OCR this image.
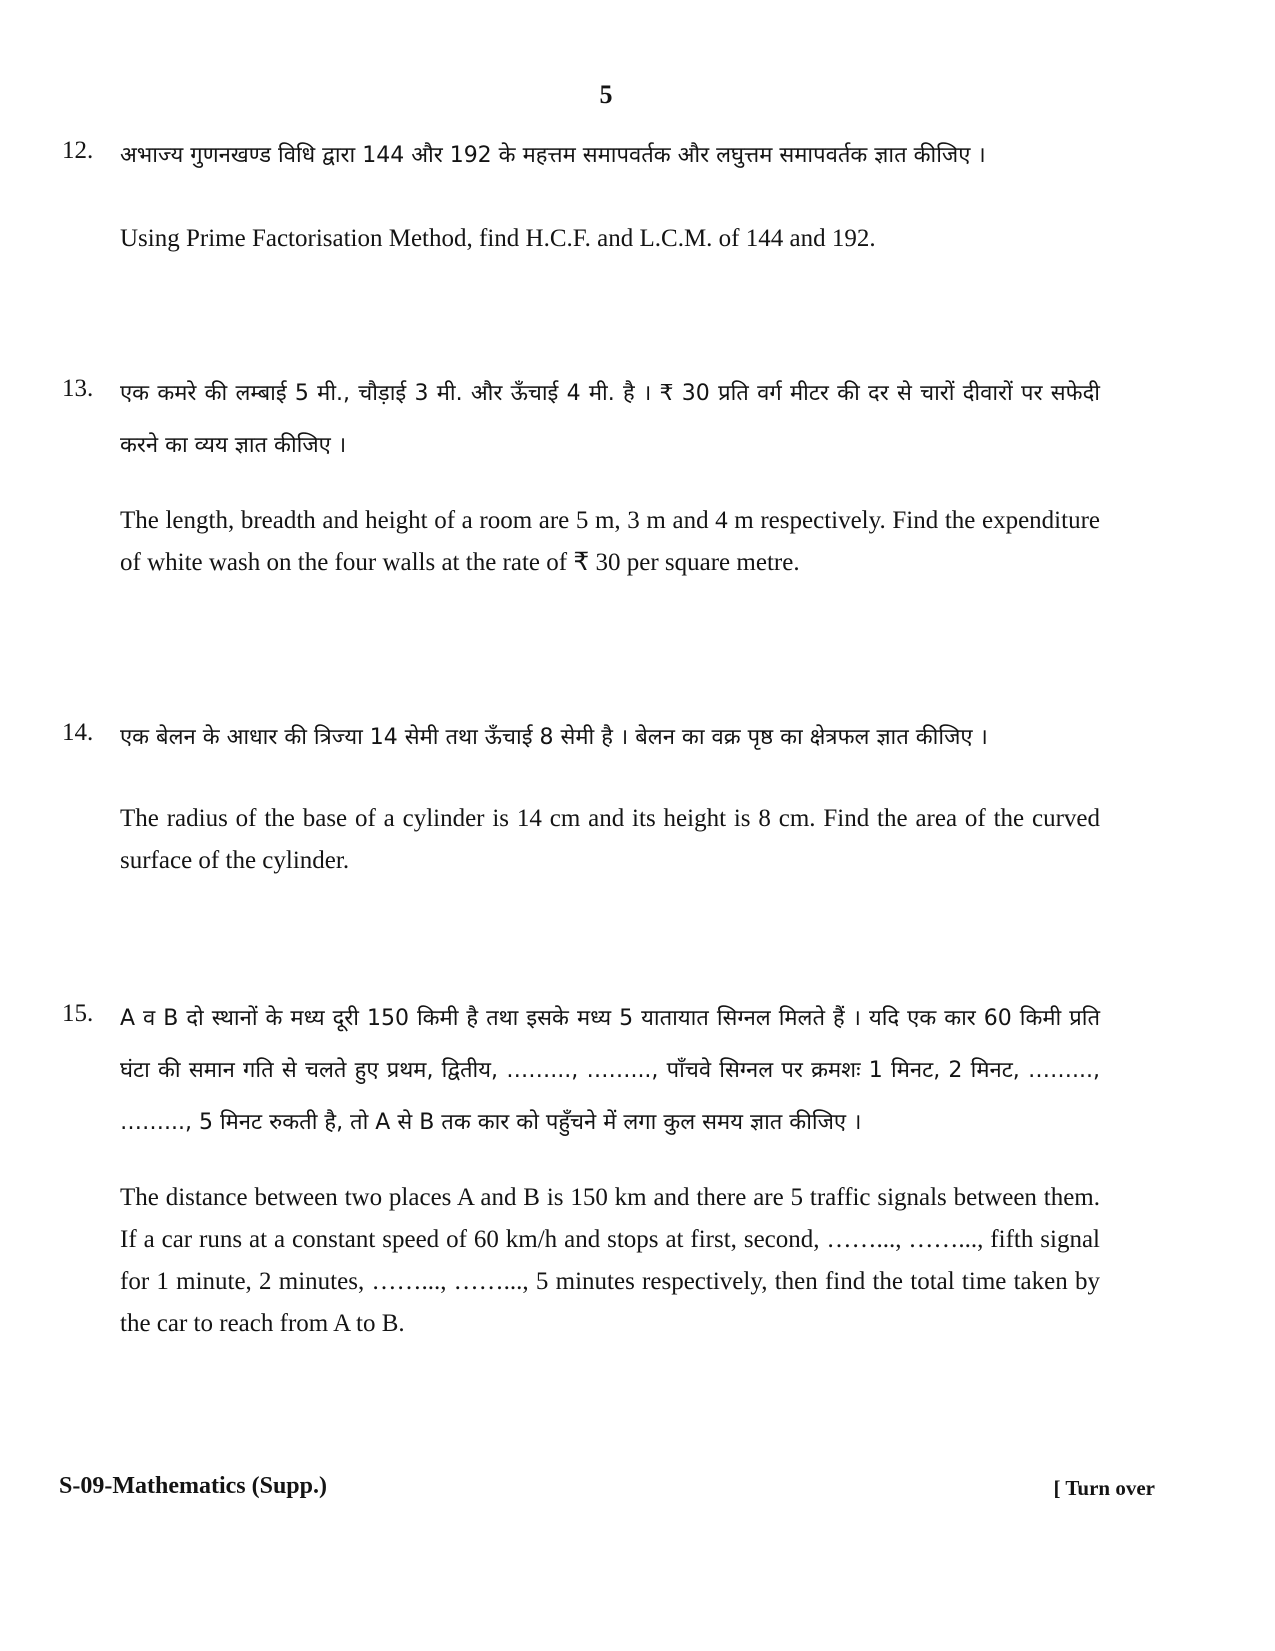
5
12. अभाज्य गुणनखण्ड विधि द्वारा 144 और 192 के महत्तम समापवर्तक और लघुत्तम समापवर्तक ज्ञात कीजिए ।
Using Prime Factorisation Method, find H.C.F. and L.C.M. of 144 and 192.
13. एक कमरे की लम्बाई 5 मी., चौड़ाई 3 मी. और ऊँचाई 4 मी. है । ₹ 30 प्रति वर्ग मीटर की दर से चारों दीवारों पर सफेदी करने का व्यय ज्ञात कीजिए ।
The length, breadth and height of a room are 5 m, 3 m and 4 m respectively. Find the expenditure of white wash on the four walls at the rate of ₹ 30 per square metre.
14. एक बेलन के आधार की त्रिज्या 14 सेमी तथा ऊँचाई 8 सेमी है । बेलन का वक्र पृष्ठ का क्षेत्रफल ज्ञात कीजिए ।
The radius of the base of a cylinder is 14 cm and its height is 8 cm. Find the area of the curved surface of the cylinder.
15. A व B दो स्थानों के मध्य दूरी 150 किमी है तथा इसके मध्य 5 यातायात सिग्नल मिलते हैं । यदि एक कार 60 किमी प्रति घंटा की समान गति से चलते हुए प्रथम, द्वितीय, ……..., ……..., पाँचवे सिग्नल पर क्रमशः 1 मिनट, 2 मिनट, ……..., ……..., 5 मिनट रुकती है, तो A से B तक कार को पहुँचने में लगा कुल समय ज्ञात कीजिए ।
The distance between two places A and B is 150 km and there are 5 traffic signals between them. If a car runs at a constant speed of 60 km/h and stops at first, second, ……..., ……..., fifth signal for 1 minute, 2 minutes, ……..., ……..., 5 minutes respectively, then find the total time taken by the car to reach from A to B.
S-09-Mathematics (Supp.)	[ Turn over
